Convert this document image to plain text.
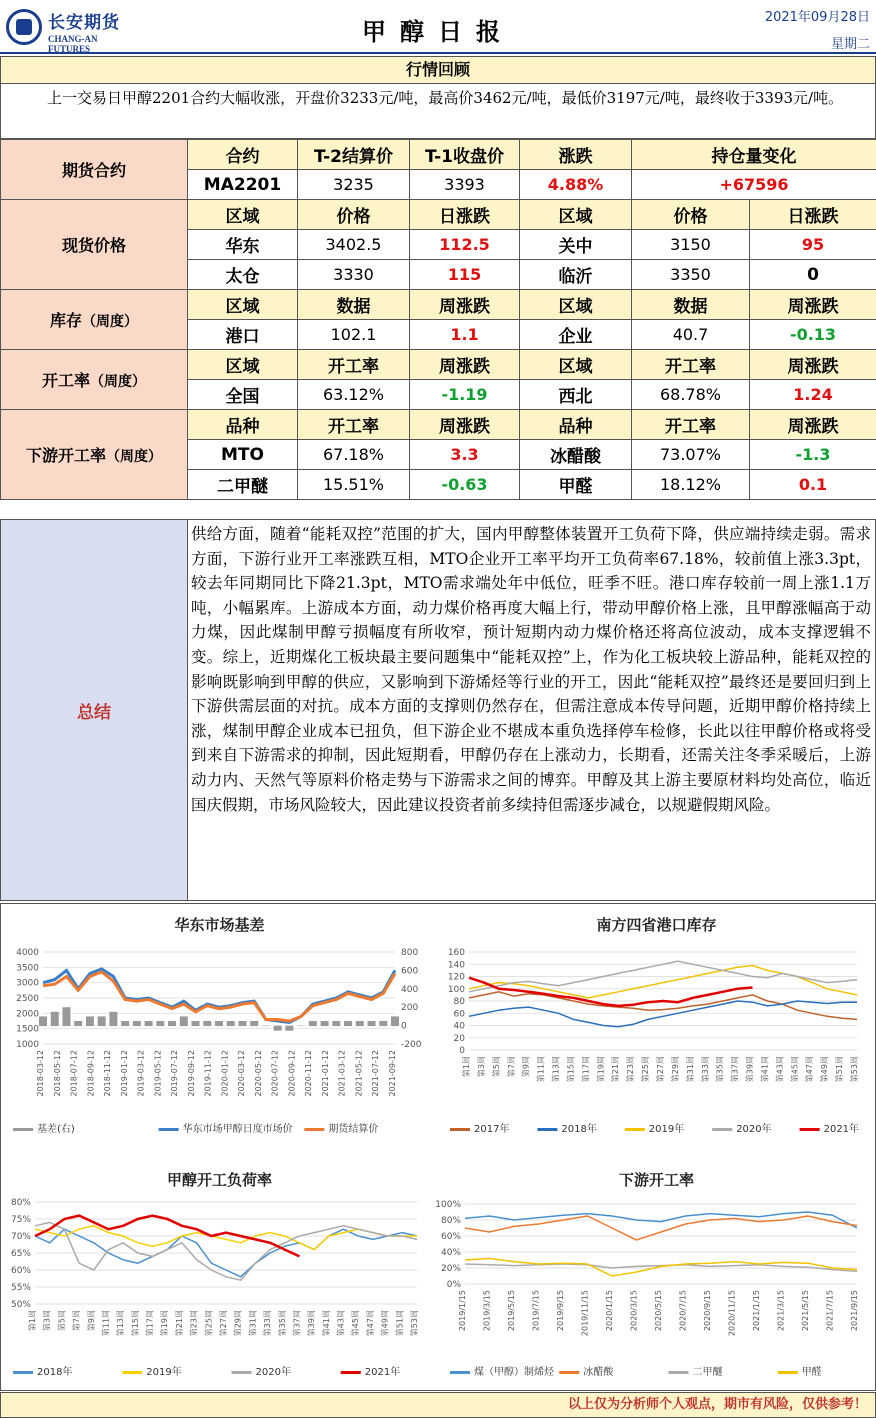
长安期货
CHANG-AN FUTURES
甲醇日报
2021年09月28日
星期二
行情回顾
上一交易日甲醇2201合约大幅收涨，开盘价3233元/吨，最高价3462元/吨，最低价3197元/吨，最终收于3393元/吨。
期货合约	合约	T-2结算价	T-1收盘价	涨跌	持仓量变化	
	MA2201	3235	3393	4.88%	+67596	
现货价格	区域	价格	日涨跌	区域	价格	日涨跌
	华东	3402.5	112.5	关中	3150	95
	太仓	3330	115	临沂	3350	0
库存（周度）	区域	数据	周涨跌	区域	数据	周涨跌
	港口	102.1	1.1	企业	40.7	-0.13
开工率（周度）	区域	开工率	周涨跌	区域	开工率	周涨跌
	全国	63.12%	-1.19	西北	68.78%	1.24
下游开工率（周度）	品种	开工率	周涨跌	品种	开工率	周涨跌
	MTO	67.18%	3.3	冰醋酸	73.07%	-1.3
	二甲醚	15.51%	-0.63	甲醛	18.12%	0.1
总结
供给方面，随着“能耗双控”范围的扩大，国内甲醇整体装置开工负荷下降，供应端持续走弱。需求方面，下游行业开工率涨跌互相，MTO企业开工率平均开工负荷率67.18%，较前值上涨3.3pt，较去年同期同比下降21.3pt，MTO需求端处年中低位，旺季不旺。港口库存较前一周上涨1.1万吨，小幅累库。上游成本方面，动力煤价格再度大幅上行，带动甲醇价格上涨，且甲醇涨幅高于动力煤，因此煤制甲醇亏损幅度有所收窄，预计短期内动力煤价格还将高位波动，成本支撑逻辑不变。综上，近期煤化工板块最主要问题集中“能耗双控”上，作为化工板块较上游品种，能耗双控的影响既影响到甲醇的供应，又影响到下游烯烃等行业的开工，因此“能耗双控”最终还是要回归到上下游供需层面的对抗。成本方面的支撑则仍然存在，但需注意成本传导问题，近期甲醇价格持续上涨，煤制甲醇企业成本已扭负，但下游企业不堪成本重负选择停车检修，长此以往甲醇价格或将受到来自下游需求的抑制，因此短期看，甲醇仍存在上涨动力，长期看，还需关注冬季采暖后，上游动力内、天然气等原料价格走势与下游需求之间的博弈。甲醇及其上游主要原材料均处高位，临近国庆假期，市场风险较大，因此建议投资者前多续持但需逐步减仓，以规避假期风险。
华东市场基差
4000
3500
3000
2500
2000
1500
1000
800
600
400
200
0
-200
2018-03-12 2018-05-12 2018-07-12 2018-09-12 2018-11-12 2019-01-12 2019-03-12 2019-05-12 2019-07-12 2019-09-12 2019-11-12 2020-01-12 2020-03-12 2020-05-12 2020-07-12 2020-09-12 2020-11-12 2021-01-12 2021-03-12 2021-05-12 2021-07-12 2021-09-12
基差(右)	华东市场甲醇日度市场价	期货结算价
南方四省港口库存
160
140
120
100
80
60
40
20
0
第1周 第3周 第5周 第7周 第9周 第11周 第13周 第15周 第17周 第19周 第21周 第23周 第25周 第27周 第29周 第31周 第33周 第35周 第37周 第39周 第41周 第43周 第45周 第47周 第49周 第51周 第53周
2017年	2018年	2019年	2020年	2021年
甲醇开工负荷率
80%
75%
70%
65%
60%
55%
50%
第1周 第3周 第5周 第7周 第9周 第11周 第13周 第15周 第17周 第19周 第21周 第23周 第25周 第27周 第29周 第31周 第33周 第35周 第37周 第39周 第41周 第43周 第45周 第47周 第49周 第51周 第53周
2018年	2019年	2020年	2021年
下游开工率
100%
80%
60%
40%
20%
0%
2019/1/15 2019/3/15 2019/5/15 2019/7/15 2019/9/15 2019/11/15 2020/1/15 2020/3/15 2020/5/15 2020/7/15 2020/9/15 2020/11/15 2021/1/15 2021/3/15 2021/5/15 2021/7/15 2021/9/15
煤（甲醇）制烯烃	冰醋酸	二甲醚	甲醛
以上仅为分析师个人观点，期市有风险，仅供参考！
